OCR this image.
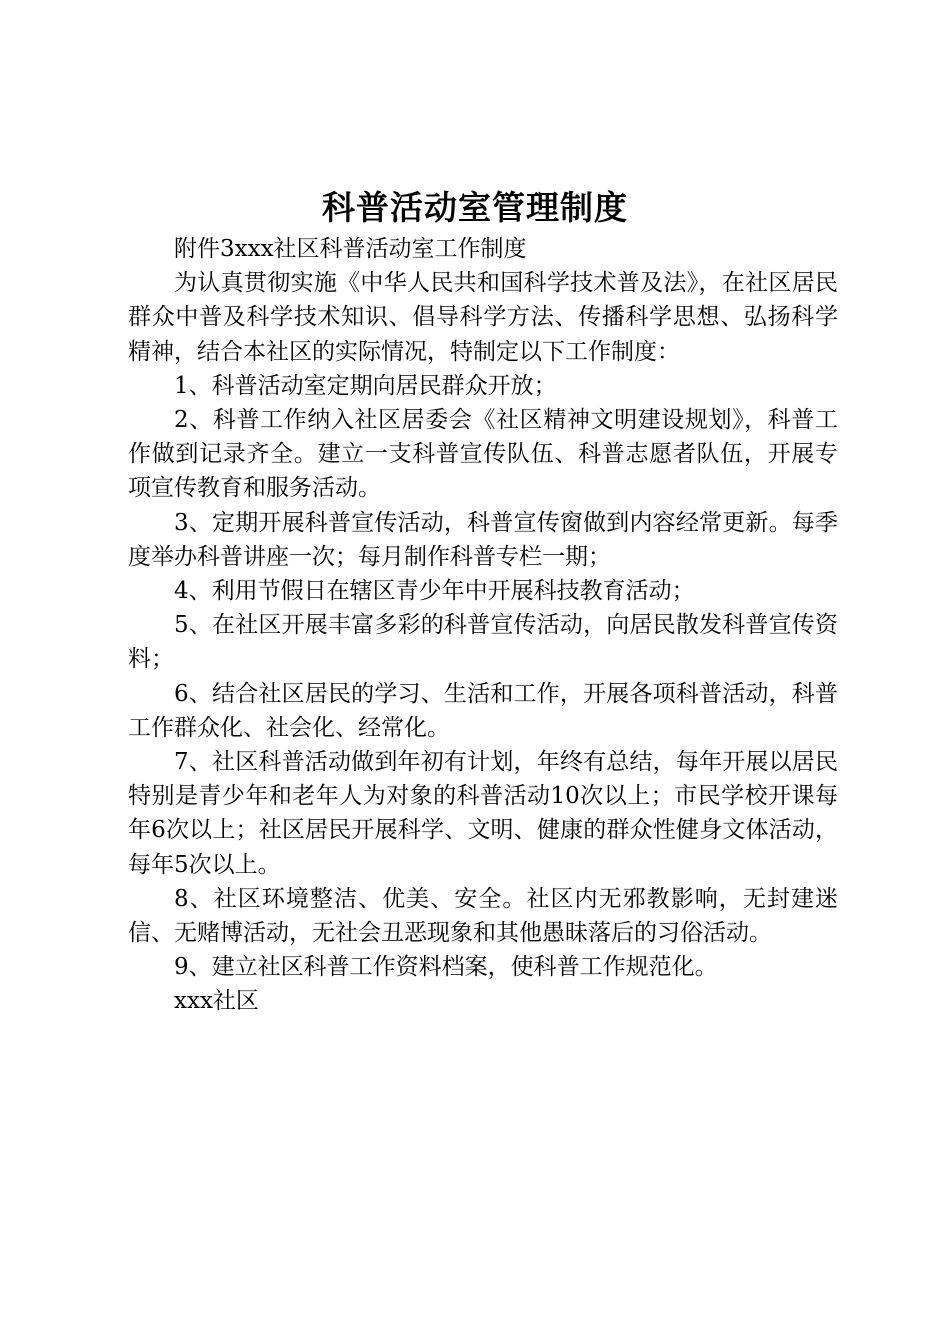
科普活动室管理制度

附件3xxx社区科普活动室工作制度

为认真贯彻实施《中华人民共和国科学技术普及法》，在社区居民群众中普及科学技术知识、倡导科学方法、传播科学思想、弘扬科学精神，结合本社区的实际情况，特制定以下工作制度：

1、科普活动室定期向居民群众开放；

2、科普工作纳入社区居委会《社区精神文明建设规划》，科普工作做到记录齐全。建立一支科普宣传队伍、科普志愿者队伍，开展专项宣传教育和服务活动。

3、定期开展科普宣传活动，科普宣传窗做到内容经常更新。每季度举办科普讲座一次；每月制作科普专栏一期；

4、利用节假日在辖区青少年中开展科技教育活动；

5、在社区开展丰富多彩的科普宣传活动，向居民散发科普宣传资料；

6、结合社区居民的学习、生活和工作，开展各项科普活动，科普工作群众化、社会化、经常化。

7、社区科普活动做到年初有计划，年终有总结，每年开展以居民特别是青少年和老年人为对象的科普活动10次以上；市民学校开课每年6次以上；社区居民开展科学、文明、健康的群众性健身文体活动，每年5次以上。

8、社区环境整洁、优美、安全。社区内无邪教影响，无封建迷信、无赌博活动，无社会丑恶现象和其他愚昧落后的习俗活动。

9、建立社区科普工作资料档案，使科普工作规范化。

xxx社区
